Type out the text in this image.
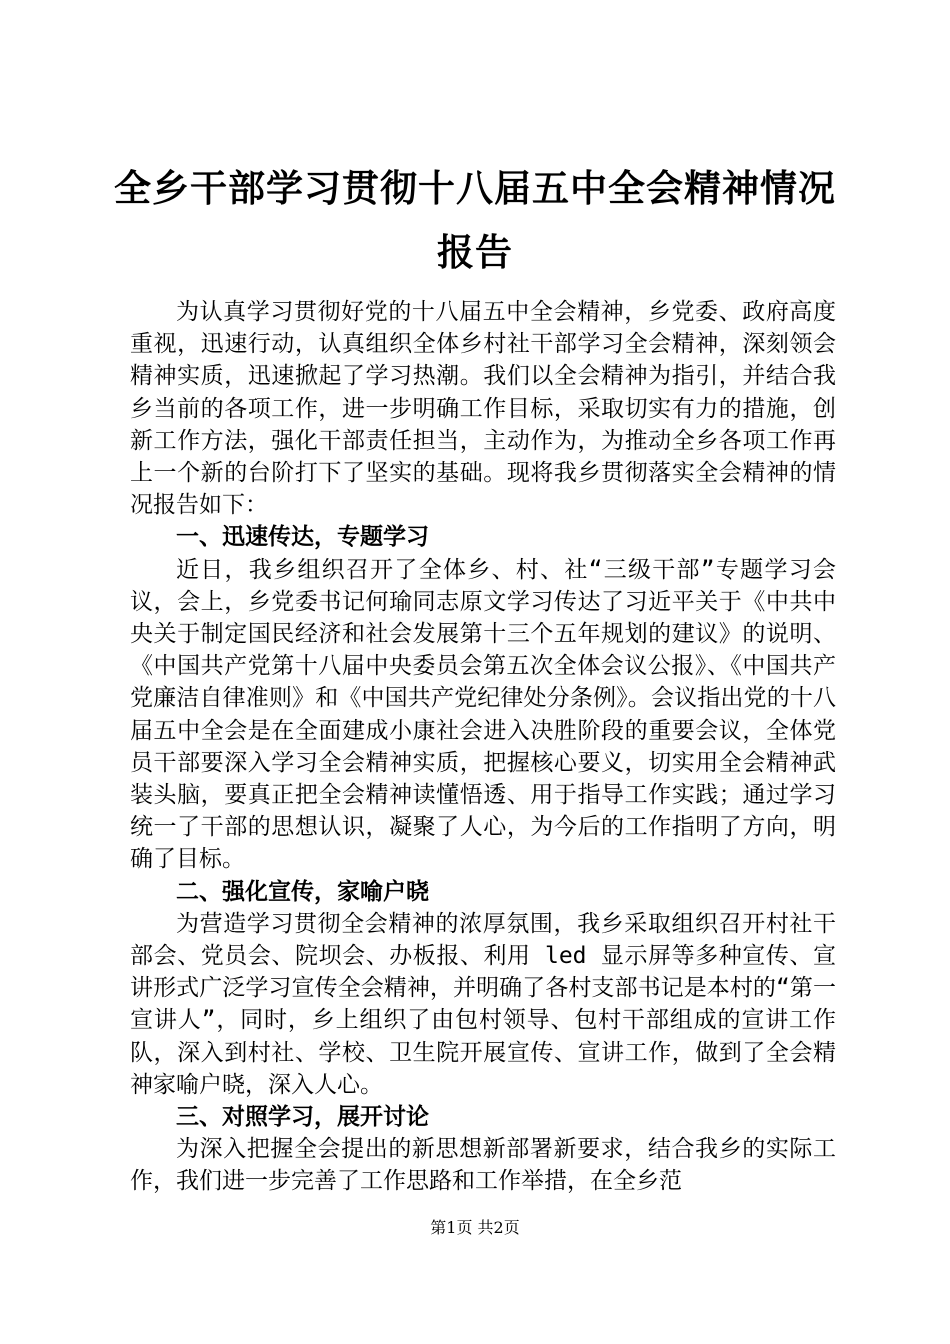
全乡干部学习贯彻十八届五中全会精神情况报告

为认真学习贯彻好党的十八届五中全会精神，乡党委、政府高度重视，迅速行动，认真组织全体乡村社干部学习全会精神，深刻领会精神实质，迅速掀起了学习热潮。我们以全会精神为指引，并结合我乡当前的各项工作，进一步明确工作目标，采取切实有力的措施，创新工作方法，强化干部责任担当，主动作为，为推动全乡各项工作再上一个新的台阶打下了坚实的基础。现将我乡贯彻落实全会精神的情况报告如下：

一、迅速传达，专题学习

近日，我乡组织召开了全体乡、村、社“三级干部”专题学习会议，会上，乡党委书记何瑜同志原文学习传达了习近平关于《中共中央关于制定国民经济和社会发展第十三个五年规划的建议》的说明、《中国共产党第十八届中央委员会第五次全体会议公报》、《中国共产党廉洁自律准则》和《中国共产党纪律处分条例》。会议指出党的十八届五中全会是在全面建成小康社会进入决胜阶段的重要会议，全体党员干部要深入学习全会精神实质，把握核心要义，切实用全会精神武装头脑，要真正把全会精神读懂悟透、用于指导工作实践；通过学习统一了干部的思想认识，凝聚了人心，为今后的工作指明了方向，明确了目标。

二、强化宣传，家喻户晓

为营造学习贯彻全会精神的浓厚氛围，我乡采取组织召开村社干部会、党员会、院坝会、办板报、利用 led 显示屏等多种宣传、宣讲形式广泛学习宣传全会精神，并明确了各村支部书记是本村的“第一宣讲人”，同时，乡上组织了由包村领导、包村干部组成的宣讲工作队，深入到村社、学校、卫生院开展宣传、宣讲工作，做到了全会精神家喻户晓，深入人心。

三、对照学习，展开讨论

为深入把握全会提出的新思想新部署新要求，结合我乡的实际工作，我们进一步完善了工作思路和工作举措，在全乡范

第1页 共2页
